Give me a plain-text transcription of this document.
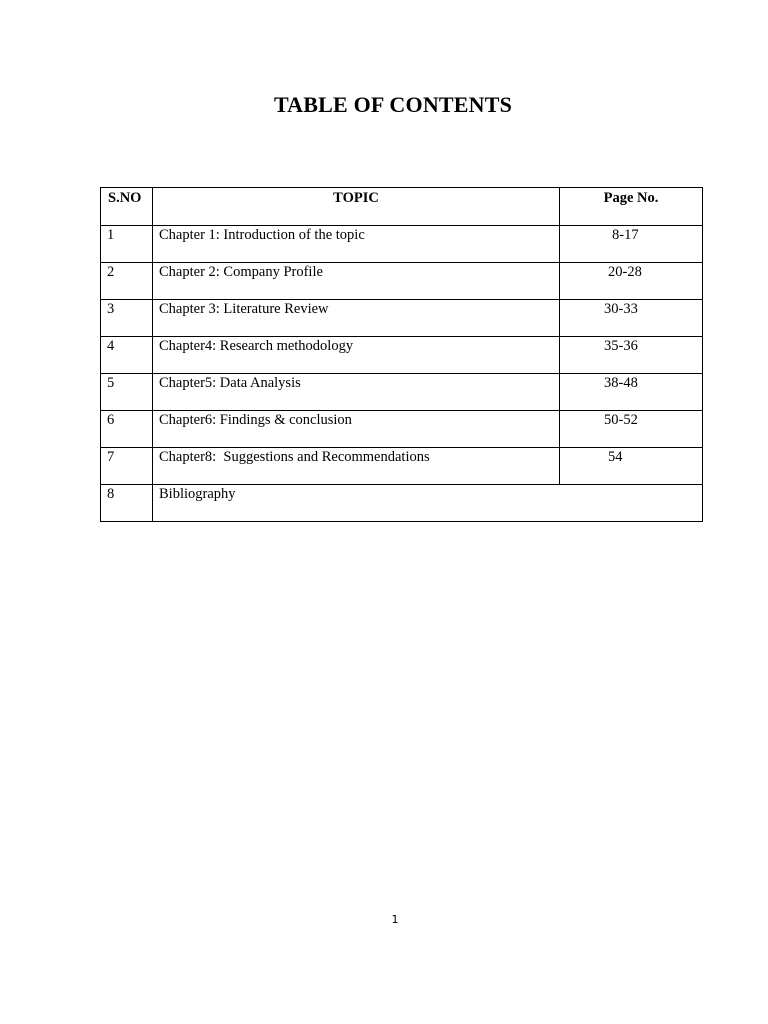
TABLE OF CONTENTS
S.NO	TOPIC	Page No.
1	Chapter 1: Introduction of the topic	8-17
2	Chapter 2: Company Profile	20-28
3	Chapter 3: Literature Review	30-33
4	Chapter4: Research methodology	35-36
5	Chapter5: Data Analysis	38-48
6	Chapter6: Findings & conclusion	50-52
7	Chapter8:  Suggestions and Recommendations	54
8	Bibliography	
1
